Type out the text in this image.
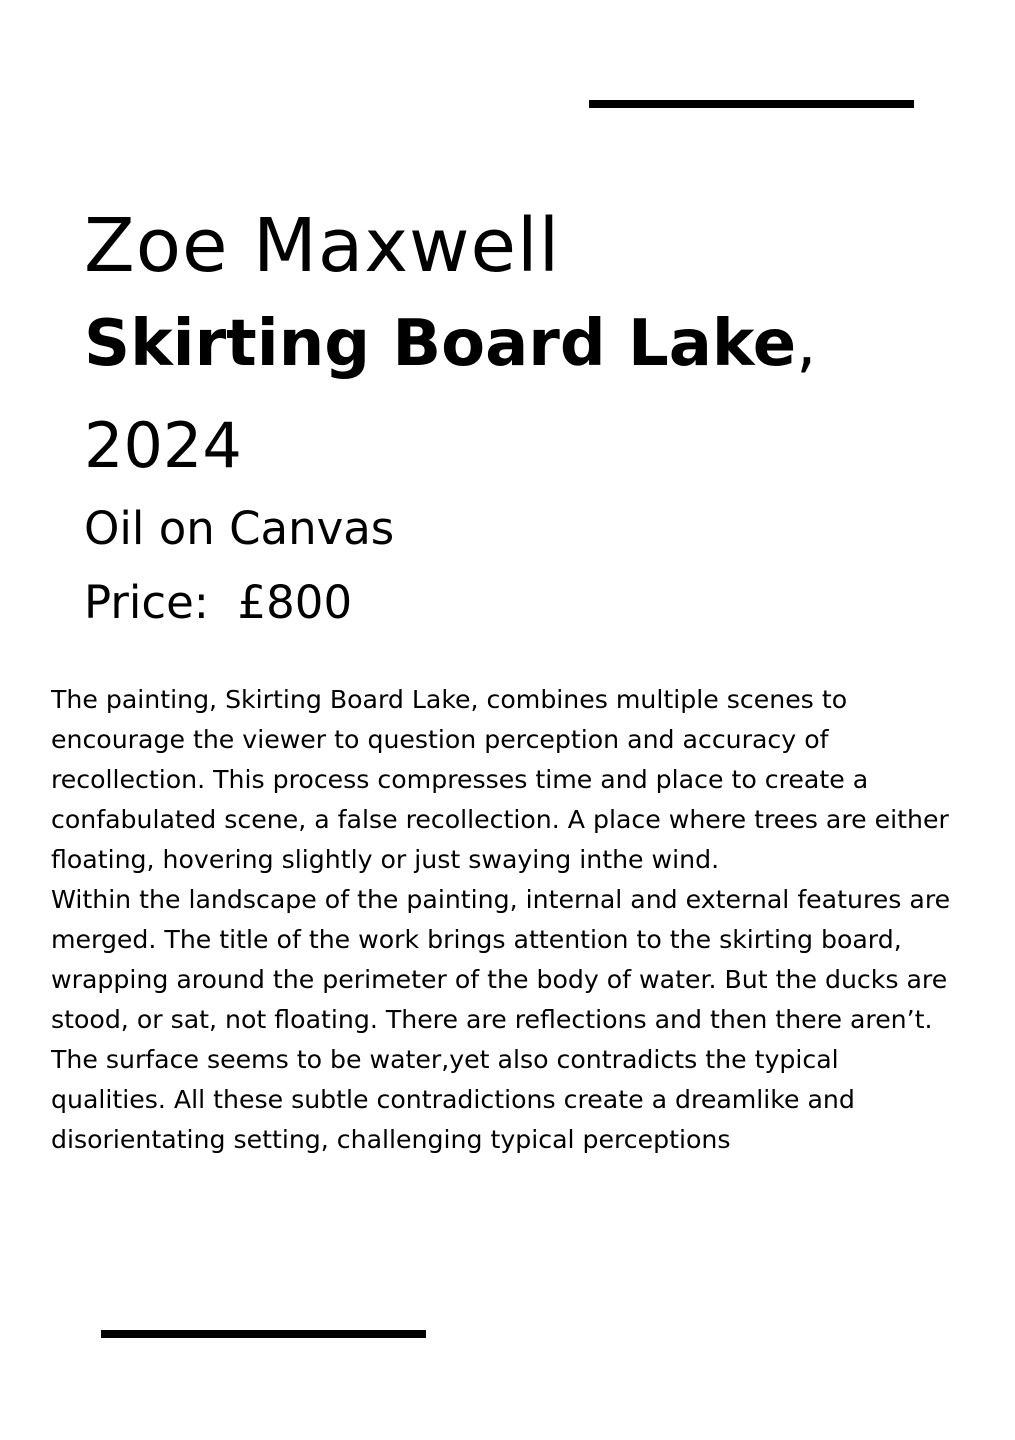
Zoe Maxwell
Skirting Board Lake,
2024
Oil on Canvas
Price: £800

The painting, Skirting Board Lake, combines multiple scenes to encourage the viewer to question perception and accuracy of recollection. This process compresses time and place to create a confabulated scene, a false recollection. A place where trees are either floating, hovering slightly or just swaying inthe wind.

Within the landscape of the painting, internal and external features are merged. The title of the work brings attention to the skirting board, wrapping around the perimeter of the body of water. But the ducks are stood, or sat, not floating. There are reflections and then there aren’t. The surface seems to be water,yet also contradicts the typical qualities. All these subtle contradictions create a dreamlike and disorientating setting, challenging typical perceptions
